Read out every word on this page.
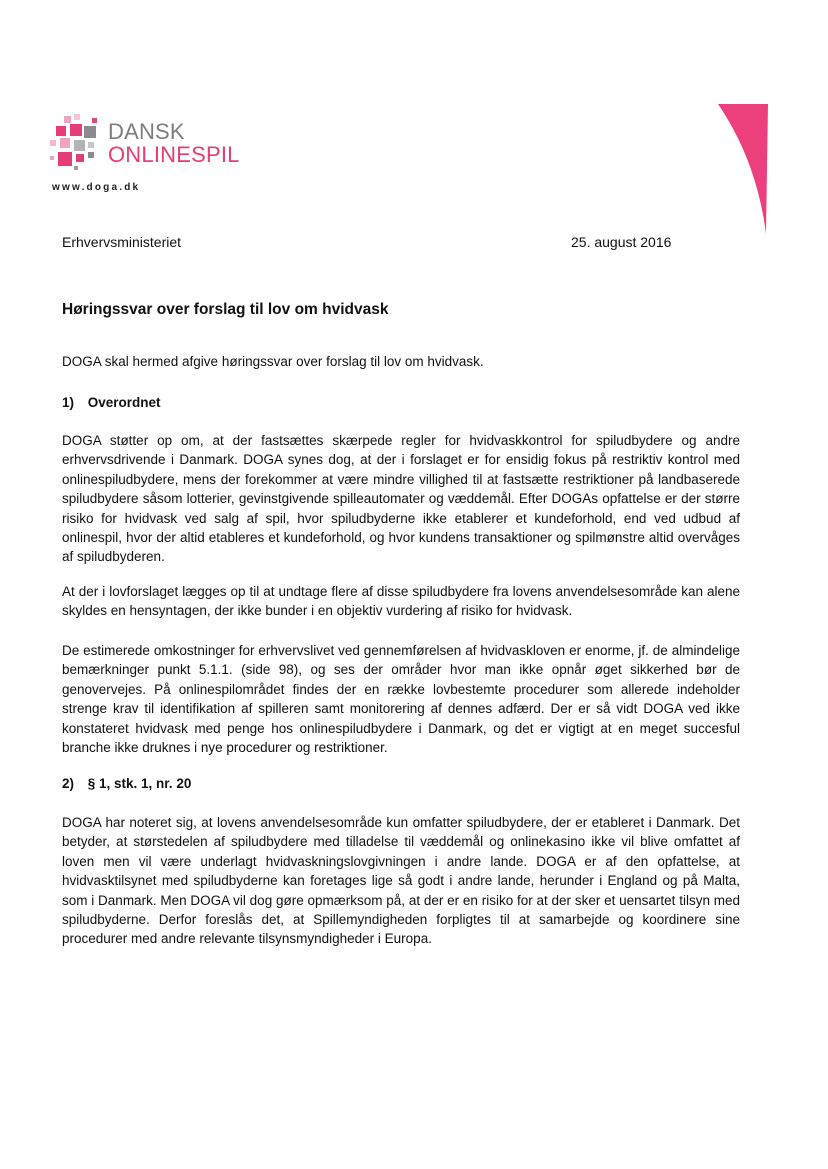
DANSK
ONLINESPIL
www.doga.dk
Erhvervsministeriet	25. august 2016
Høringssvar over forslag til lov om hvidvask
DOGA skal hermed afgive høringssvar over forslag til lov om hvidvask.
1) Overordnet

DOGA støtter op om, at der fastsættes skærpede regler for hvidvaskkontrol for spiludbydere og andre erhvervsdrivende i Danmark. DOGA synes dog, at der i forslaget er for ensidig fokus på restriktiv kontrol med onlinespiludbydere, mens der forekommer at være mindre villighed til at fastsætte restriktioner på landbaserede spiludbydere såsom lotterier, gevinstgivende spilleautomater og væddemål. Efter DOGAs opfattelse er der større risiko for hvidvask ved salg af spil, hvor spiludbyderne ikke etablerer et kundeforhold, end ved udbud af onlinespil, hvor der altid etableres et kundeforhold, og hvor kundens transaktioner og spilmønstre altid overvåges af spiludbyderen.

At der i lovforslaget lægges op til at undtage flere af disse spiludbydere fra lovens anvendelsesområde kan alene skyldes en hensyntagen, der ikke bunder i en objektiv vurdering af risiko for hvidvask.

De estimerede omkostninger for erhvervslivet ved gennemførelsen af hvidvaskloven er enorme, jf. de almindelige bemærkninger punkt 5.1.1. (side 98), og ses der områder hvor man ikke opnår øget sikkerhed bør de genovervejes. På onlinespilområdet findes der en række lovbestemte procedurer som allerede indeholder strenge krav til identifikation af spilleren samt monitorering af dennes adfærd. Der er så vidt DOGA ved ikke konstateret hvidvask med penge hos onlinespiludbydere i Danmark, og det er vigtigt at en meget succesful branche ikke druknes i nye procedurer og restriktioner.

2) § 1, stk. 1, nr. 20

DOGA har noteret sig, at lovens anvendelsesområde kun omfatter spiludbydere, der er etableret i Danmark. Det betyder, at størstedelen af spiludbydere med tilladelse til væddemål og onlinekasino ikke vil blive omfattet af loven men vil være underlagt hvidvaskningslovgivningen i andre lande. DOGA er af den opfattelse, at hvidvasktilsynet med spiludbyderne kan foretages lige så godt i andre lande, herunder i England og på Malta, som i Danmark. Men DOGA vil dog gøre opmærksom på, at der er en risiko for at der sker et uensartet tilsyn med spiludbyderne. Derfor foreslås det, at Spillemyndigheden forpligtes til at samarbejde og koordinere sine procedurer med andre relevante tilsynsmyndigheder i Europa.
